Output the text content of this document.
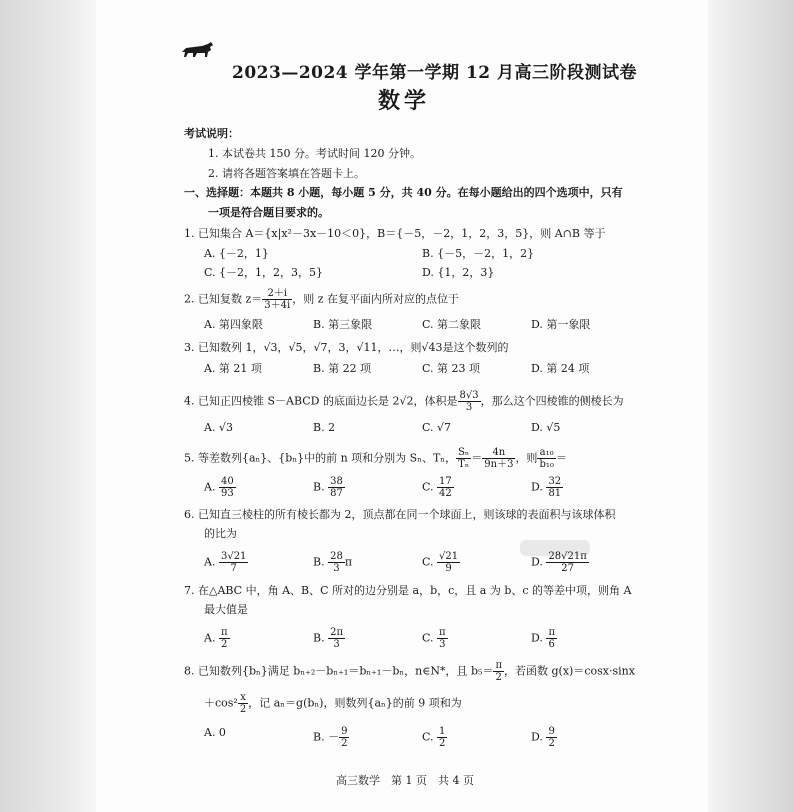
2023—2024 学年第一学期 12 月高三阶段测试卷
数学
考试说明：
1. 本试卷共 150 分。考试时间 120 分钟。
2. 请将各题答案填在答题卡上。
一、选择题：本题共 8 小题，每小题 5 分，共 40 分。在每小题给出的四个选项中，只有
一项是符合题目要求的。
1. 已知集合 A＝{x|x²－3x－10＜0}，B＝{－5，－2，1，2，3，5}，则 A∩B 等于
A. {－2，1}	B. {－5，－2，1，2}
C. {－2，1，2，3，5}	D. {1，2，3}
2. 已知复数 $z= \frac{2+i}{3+4i}$ ，则 z 在复平面内所对应的点位于
A. 第四象限	B. 第三象限	C. 第二象限	D. 第一象限
3. 已知数列 1，√3，√5，√7，3，√11，…，则√43是这个数列的
A. 第 21 项	B. 第 22 项	C. 第 23 项	D. 第 24 项
4. 已知正四棱锥 S－ABCD 的底面边长是 2√2，体积是 $\frac{8√3}{3}$ ，那么这个四棱锥的侧棱长为
A. √3	B. 2	C. √7	D. √5
5. 等差数列{aₙ}、{bₙ}中的前 n 项和分别为 Sₙ、Tₙ， $\frac{\text{Sₙ}}{\text{Tₙ}} = \frac{4n}{9n+3}$ ，则 $\frac{\text{a₁₀}}{\text{b₁₀}}$ ＝
A. $\frac{40}{93}$	B. $\frac{38}{87}$	C. $\frac{17}{42}$	D. $\frac{32}{81}$
6. 已知直三棱柱的所有棱长都为 2，顶点都在同一个球面上，则该球的表面积与该球体积
的比为
A. $\frac{3√21}{7}$	B. $\frac{28}{3}$ π	C. $\frac{√21}{9}$	D. $\frac{28√21\pi}{27}$
7. 在△ABC 中，角 A、B、C 所对的边分别是 a，b，c，且 a 为 b、c 的等差中项，则角 A
最大值是
A. $\frac{\pi}{2}$	B. $\frac{2\pi}{3}$	C. $\frac{\pi}{3}$	D. $\frac{\pi}{6}$
8. 已知数列{bₙ}满足 bₙ₊₂－bₙ₊₁＝bₙ₊₁－bₙ，n∈N*，且 $b_5= \frac{\pi}{2}$ ，若函数 g(x)＝cosx·sinx
$+\cos^2 \frac{x}{2}$ ，记 aₙ＝g(bₙ)，则数列{aₙ}的前 9 项和为
A. 0	B. － $\frac{9}{2}$	C. $\frac{1}{2}$	D. $\frac{9}{2}$
高三数学　第 1 页　共 4 页
